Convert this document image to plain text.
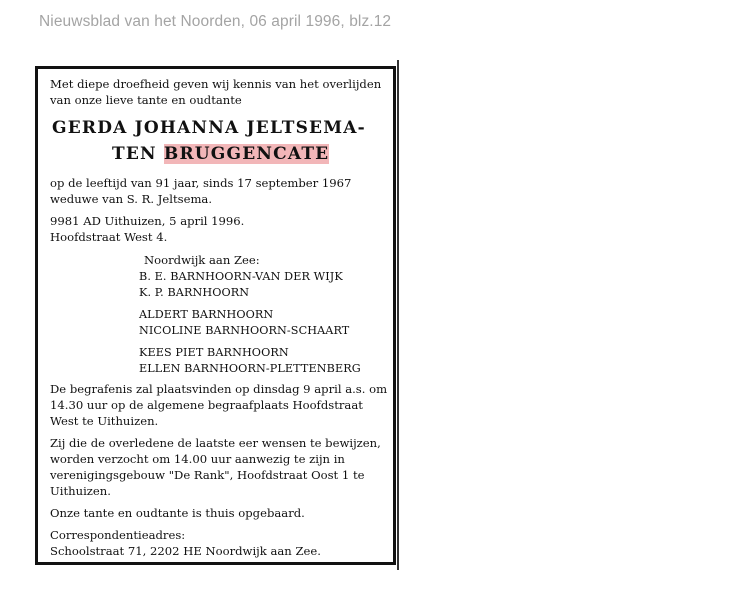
Nieuwsblad van het Noorden, 06 april 1996, blz.12
Met diepe droefheid geven wij kennis van het overlijden
van onze lieve tante en oudtante
GERDA JOHANNA JELTSEMA-
TEN BRUGGENCATE
op de leeftijd van 91 jaar, sinds 17 september 1967
weduwe van S. R. Jeltsema.
9981 AD Uithuizen, 5 april 1996.
Hoofdstraat West 4.
Noordwijk aan Zee:
B. E. BARNHOORN-VAN DER WIJK
K. P. BARNHOORN
ALDERT BARNHOORN
NICOLINE BARNHOORN-SCHAART
KEES PIET BARNHOORN
ELLEN BARNHOORN-PLETTENBERG
De begrafenis zal plaatsvinden op dinsdag 9 april a.s. om
14.30 uur op de algemene begraafplaats Hoofdstraat
West te Uithuizen.
Zij die de overledene de laatste eer wensen te bewijzen,
worden verzocht om 14.00 uur aanwezig te zijn in
verenigingsgebouw "De Rank", Hoofdstraat Oost 1 te
Uithuizen.
Onze tante en oudtante is thuis opgebaard.
Correspondentieadres:
Schoolstraat 71, 2202 HE Noordwijk aan Zee.
